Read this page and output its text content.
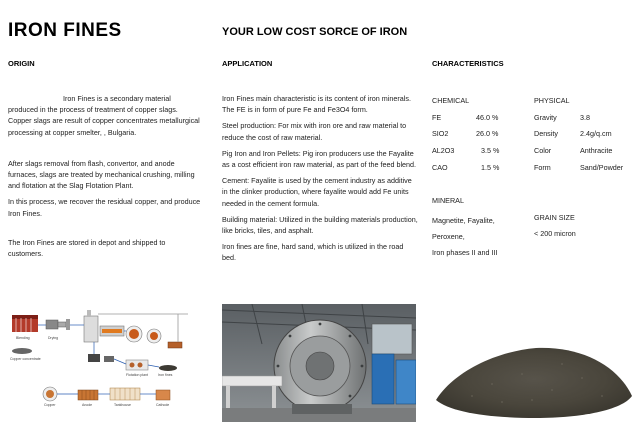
IRON FINES	YOUR LOW COST SORCE OF IRON
ORIGIN

Iron Fines is a secondary material produced in the process of treatment of copper slags. Copper slags are result of copper concentrates metallurgical processing at copper smelter, , Bulgaria.

After slags removal from flash, convertor, and anode furnaces, slags are treated by mechanical crushing, milling and flotation at the Slag Flotation Plant.

In this process, we recover the residual copper, and produce Iron Fines.

The Iron Fines are stored in depot and shipped to customers.

APPLICATION

Iron Fines main characteristic is its content of iron minerals. The FE is in form of pure Fe and Fe3O4 form.

Steel production: For mix with iron ore and raw material to reduce the cost of raw material.

Pig Iron and Iron Pellets: Pig iron producers use the Fayalite as a cost efficient iron raw material, as part of the feed blend.

Cement: Fayalite is used by the cement industry as additive in the clinker production, where fayalite would add Fe units needed in the cement formula.

Building material: Utilized in the building materials production, like bricks, tiles, and asphalt.

Iron fines are fine, hard sand, which is utilized in the road bed.

CHARACTERISTICS
CHEMICAL
FE	46.0 %
SIO2	26.0 %
AL2O3	3.5 %
CAO	1.5 %
PHYSICAL
Gravity	3.8
Density	2.4g/q.cm
Color	Anthracite
Form	Sand/Powder
MINERAL
Magnetite, Fayalite,
Peroxene,
Iron phases II and III
GRAIN SIZE
< 200 micron
Blending	Drying
Copper concentrate
Flotation plant	Iron fines
Anode	Tankhouse	Cathode
Copper
